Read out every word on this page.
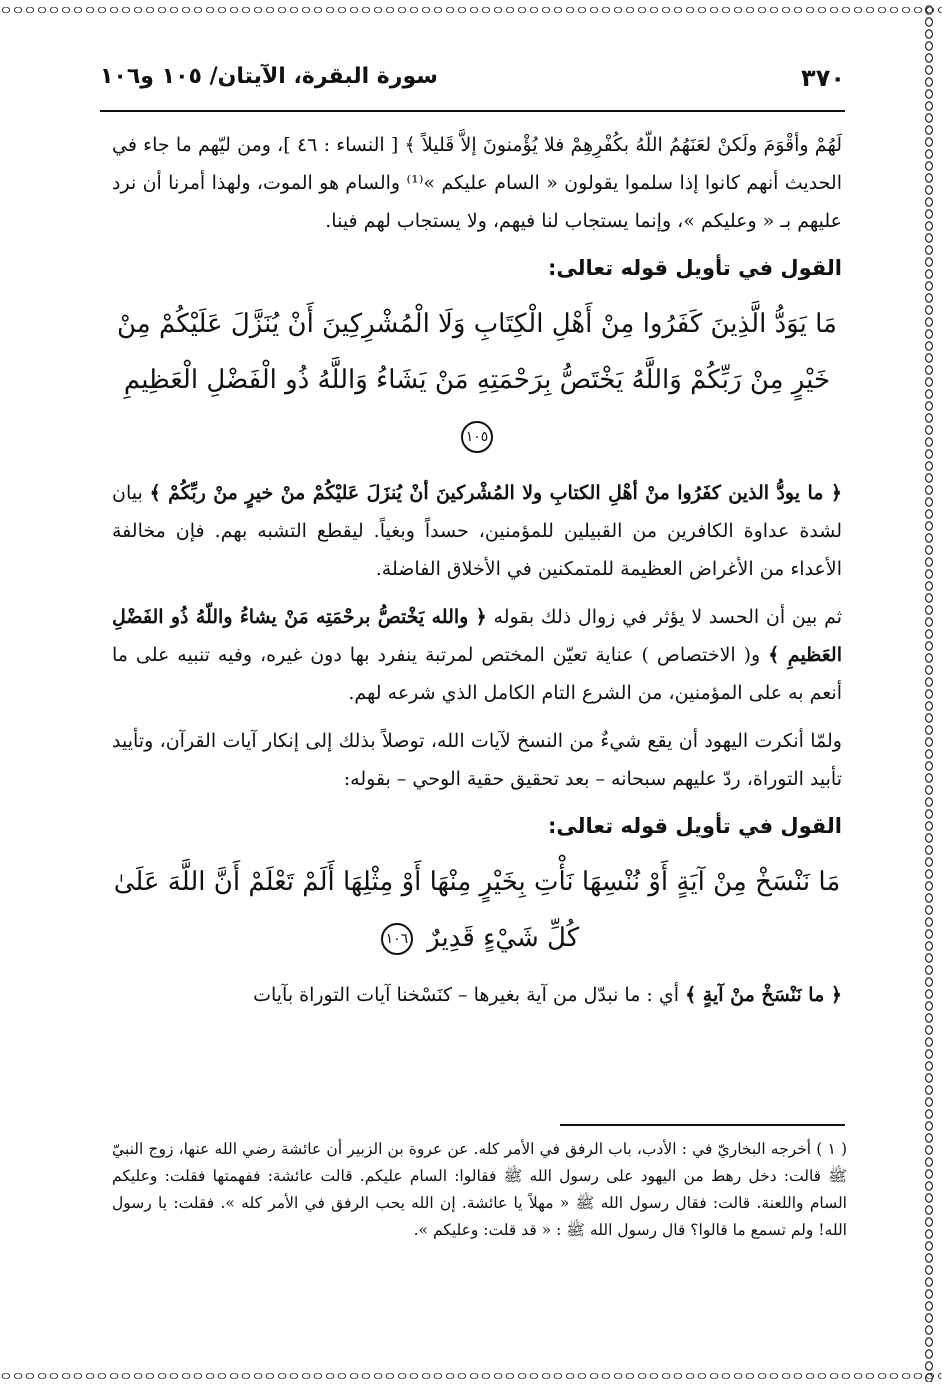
٣٧٠
سورة البقرة، الآيتان/ ١٠٥ و١٠٦

لَهُمْ وأقْوَمَ ولَكنْ لعَنَهُمُ اللّهُ بكُفْرِهِمْ فلا يُؤْمنونَ إلاَّ قَليلاً ﴾ [ النساء : ٤٦ ]، ومن ليّهم ما جاء في الحديث أنهم كانوا إذا سلموا يقولون « السام عليكم »⁽¹⁾ والسام هو الموت، ولهذا أمرنا أن نرد عليهم بـ « وعليكم »، وإنما يستجاب لنا فيهم، ولا يستجاب لهم فينا.

القول في تأويل قوله تعالى:
مَا يَوَدُّ الَّذِينَ كَفَرُوا مِنْ أَهْلِ الْكِتَابِ وَلَا الْمُشْرِكِينَ أَنْ يُنَزَّلَ عَلَيْكُمْ مِنْ خَيْرٍ مِنْ رَبِّكُمْ وَاللَّهُ يَخْتَصُّ بِرَحْمَتِهِ مَنْ يَشَاءُ وَاللَّهُ ذُو الْفَضْلِ الْعَظِيمِ ١٠٥

﴿ ما يودُّ الذين كفَرُوا منْ أهْلِ الكتابِ ولا المُشْركينَ أنْ يُنزَلَ عَليْكُمْ منْ خيرٍ منْ ربِّكُمْ ﴾ بيان لشدة عداوة الكافرين من القبيلين للمؤمنين، حسداً وبغياً. ليقطع التشبه بهم. فإن مخالفة الأعداء من الأغراض العظيمة للمتمكنين في الأخلاق الفاضلة.

ثم بين أن الحسد لا يؤثر في زوال ذلك بقوله ﴿ والله يَخْتصُّ برحْمَتِه مَنْ يشاءُ واللّهُ ذُو الفَضْلِ العَظيمِ ﴾ و( الاختصاص ) عناية تعيّن المختص لمرتبة ينفرد بها دون غيره، وفيه تنبيه على ما أنعم به على المؤمنين، من الشرع التام الكامل الذي شرعه لهم.

ولمّا أنكرت اليهود أن يقع شيءٌ من النسخ لآيات الله، توصلاً بذلك إلى إنكار آيات القرآن، وتأييد تأبيد التوراة، ردّ عليهم سبحانه – بعد تحقيق حقية الوحي – بقوله:

القول في تأويل قوله تعالى:
مَا نَنْسَخْ مِنْ آيَةٍ أَوْ نُنْسِهَا نَأْتِ بِخَيْرٍ مِنْهَا أَوْ مِثْلِهَا أَلَمْ تَعْلَمْ أَنَّ اللَّهَ عَلَىٰ كُلِّ شَيْءٍ قَدِيرٌ ١٠٦

﴿ ما نَنْسَخْ منْ آيةٍ ﴾ أي : ما نبدّل من آية بغيرها – كنَسْخنا آيات التوراة بآيات

( ١ ) أخرجه البخاريّ في : الأدب، باب الرفق في الأمر كله. عن عروة بن الزبير أن عائشة رضي الله عنها، زوج النبيّ ﷺ قالت: دخل رهط من اليهود على رسول الله ﷺ فقالوا: السام عليكم. قالت عائشة: ففهمتها فقلت: وعليكم السام واللعنة. قالت: فقال رسول الله ﷺ « مهلاً يا عائشة. إن الله يحب الرفق في الأمر كله ». فقلت: يا رسول الله! ولم تسمع ما قالوا؟ قال رسول الله ﷺ : « قد قلت: وعليكم ».
